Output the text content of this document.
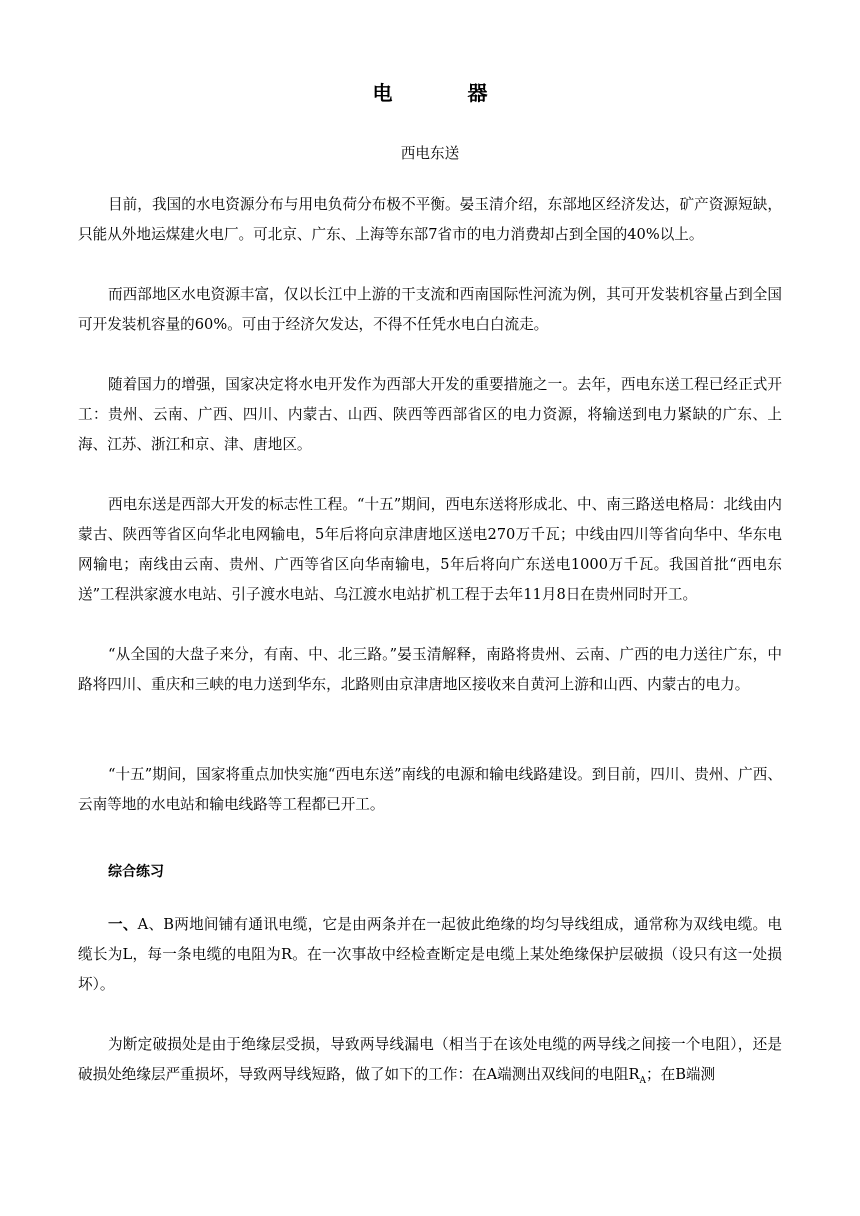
电 器
西电东送
目前，我国的水电资源分布与用电负荷分布极不平衡。晏玉清介绍，东部地区经济发达，矿产资源短缺，只能从外地运煤建火电厂。可北京、广东、上海等东部7省市的电力消费却占到全国的40%以上。
而西部地区水电资源丰富，仅以长江中上游的干支流和西南国际性河流为例，其可开发装机容量占到全国可开发装机容量的60%。可由于经济欠发达，不得不任凭水电白白流走。
随着国力的增强，国家决定将水电开发作为西部大开发的重要措施之一。去年，西电东送工程已经正式开工：贵州、云南、广西、四川、内蒙古、山西、陕西等西部省区的电力资源，将输送到电力紧缺的广东、上海、江苏、浙江和京、津、唐地区。
西电东送是西部大开发的标志性工程。“十五”期间，西电东送将形成北、中、南三路送电格局：北线由内蒙古、陕西等省区向华北电网输电，5年后将向京津唐地区送电270万千瓦；中线由四川等省向华中、华东电网输电；南线由云南、贵州、广西等省区向华南输电，5年后将向广东送电1000万千瓦。我国首批“西电东送”工程洪家渡水电站、引子渡水电站、乌江渡水电站扩机工程于去年11月8日在贵州同时开工。
“从全国的大盘子来分，有南、中、北三路。”晏玉清解释，南路将贵州、云南、广西的电力送往广东，中路将四川、重庆和三峡的电力送到华东，北路则由京津唐地区接收来自黄河上游和山西、内蒙古的电力。
“十五”期间，国家将重点加快实施“西电东送”南线的电源和输电线路建设。到目前，四川、贵州、广西、云南等地的水电站和输电线路等工程都已开工。
综合练习
一、A、B两地间铺有通讯电缆，它是由两条并在一起彼此绝缘的均匀导线组成，通常称为双线电缆。电缆长为L，每一条电缆的电阻为R。在一次事故中经检查断定是电缆上某处绝缘保护层破损（设只有这一处损坏）。
为断定破损处是由于绝缘层受损，导致两导线漏电（相当于在该处电缆的两导线之间接一个电阻），还是破损处绝缘层严重损坏，导致两导线短路，做了如下的工作：在A端测出双线间的电阻$R_A$；在B端测
